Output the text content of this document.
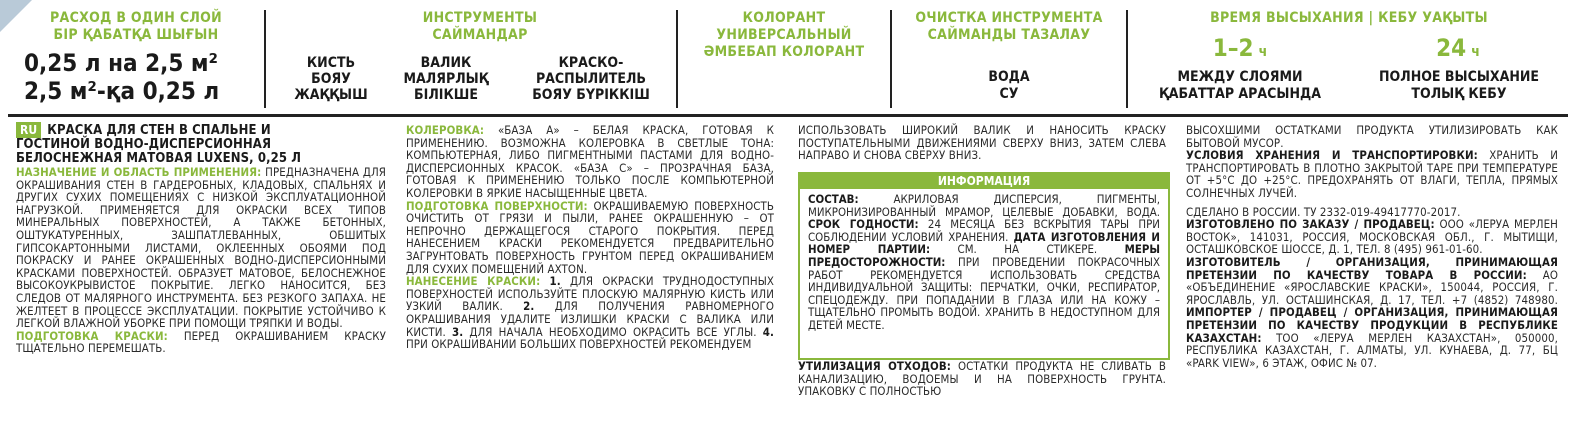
РАСХОД В ОДИН СЛОЙ
БІР ҚАБАТҚА ШЫҒЫН
0,25 л на 2,5 м²
2,5 м²-қа 0,25 л
ИНСТРУМЕНТЫ
САЙМАНДАР
КИСТЬ
БОЯУ
ЖАҚҚЫШ
ВАЛИК
МАЛЯРЛЫҚ
БІЛІКШЕ
КРАСКО-
РАСПЫЛИТЕЛЬ
БОЯУ БҮРІККІШ
КОЛОРАНТ
УНИВЕРСАЛЬНЫЙ
ӘМБЕБАП КОЛОРАНТ
ОЧИСТКА ИНСТРУМЕНТА
САЙМАНДЫ ТАЗАЛАУ
ВОДА
СУ
ВРЕМЯ ВЫСЫХАНИЯ | КЕБУ УАҚЫТЫ
1–2 ч
МЕЖДУ СЛОЯМИ
ҚАБАТТАР АРАСЫНДА
24 ч
ПОЛНОЕ ВЫСЫХАНИЕ
ТОЛЫҚ КЕБУ
RU КРАСКА ДЛЯ СТЕН В СПАЛЬНЕ И
ГОСТИНОЙ ВОДНО-ДИСПЕРСИОННАЯ
БЕЛОСНЕЖНАЯ МАТОВАЯ LUXENS, 0,25 Л

НАЗНАЧЕНИЕ И ОБЛАСТЬ ПРИМЕНЕНИЯ: ПРЕДНАЗНАЧЕНА ДЛЯ ОКРАШИВАНИЯ СТЕН В ГАРДЕРОБНЫХ, КЛАДОВЫХ, СПАЛЬНЯХ И ДРУГИХ СУХИХ ПОМЕЩЕНИЯХ С НИЗКОЙ ЭКСПЛУАТАЦИОННОЙ НАГРУЗКОЙ. ПРИМЕНЯЕТСЯ ДЛЯ ОКРАСКИ ВСЕХ ТИПОВ МИНЕРАЛЬНЫХ ПОВЕРХНОСТЕЙ, А ТАКЖЕ БЕТОННЫХ, ОШТУКАТУРЕННЫХ, ЗАШПАТЛЕВАННЫХ, ОБШИТЫХ ГИПСОКАРТОННЫМИ ЛИСТАМИ, ОКЛЕЕННЫХ ОБОЯМИ ПОД ПОКРАСКУ И РАНЕЕ ОКРАШЕННЫХ ВОДНО-ДИСПЕРСИОННЫМИ КРАСКАМИ ПОВЕРХНОСТЕЙ. ОБРАЗУЕТ МАТОВОЕ, БЕЛОСНЕЖНОЕ ВЫСОКОУКРЫВИСТОЕ ПОКРЫТИЕ. ЛЕГКО НАНОСИТСЯ, БЕЗ СЛЕДОВ ОТ МАЛЯРНОГО ИНСТРУМЕНТА. БЕЗ РЕЗКОГО ЗАПАХА. НЕ ЖЕЛТЕЕТ В ПРОЦЕССЕ ЭКСПЛУАТАЦИИ. ПОКРЫТИЕ УСТОЙЧИВО К ЛЕГКОЙ ВЛАЖНОЙ УБОРКЕ ПРИ ПОМОЩИ ТРЯПКИ И ВОДЫ.

ПОДГОТОВКА КРАСКИ: ПЕРЕД ОКРАШИВАНИЕМ КРАСКУ ТЩАТЕЛЬНО ПЕРЕМЕШАТЬ.

КОЛЕРОВКА: «БАЗА А» – БЕЛАЯ КРАСКА, ГОТОВАЯ К ПРИМЕНЕНИЮ. ВОЗМОЖНА КОЛЕРОВКА В СВЕТЛЫЕ ТОНА: КОМПЬЮТЕРНАЯ, ЛИБО ПИГМЕНТНЫМИ ПАСТАМИ ДЛЯ ВОДНО-ДИСПЕРСИОННЫХ КРАСОК. «БАЗА С» – ПРОЗРАЧНАЯ БАЗА, ГОТОВАЯ К ПРИМЕНЕНИЮ ТОЛЬКО ПОСЛЕ КОМПЬЮТЕРНОЙ КОЛЕРОВКИ В ЯРКИЕ НАСЫЩЕННЫЕ ЦВЕТА.

ПОДГОТОВКА ПОВЕРХНОСТИ: ОКРАШИВАЕМУЮ ПОВЕРХНОСТЬ ОЧИСТИТЬ ОТ ГРЯЗИ И ПЫЛИ, РАНЕЕ ОКРАШЕННУЮ – ОТ НЕПРОЧНО ДЕРЖАЩЕГОСЯ СТАРОГО ПОКРЫТИЯ. ПЕРЕД НАНЕСЕНИЕМ КРАСКИ РЕКОМЕНДУЕТСЯ ПРЕДВАРИТЕЛЬНО ЗАГРУНТОВАТЬ ПОВЕРХНОСТЬ ГРУНТОМ ПЕРЕД ОКРАШИВАНИЕМ ДЛЯ СУХИХ ПОМЕЩЕНИЙ AXTON.

НАНЕСЕНИЕ КРАСКИ: 1. ДЛЯ ОКРАСКИ ТРУДНОДОСТУПНЫХ ПОВЕРХНОСТЕЙ ИСПОЛЬЗУЙТЕ ПЛОСКУЮ МАЛЯРНУЮ КИСТЬ ИЛИ УЗКИЙ ВАЛИК. 2. ДЛЯ ПОЛУЧЕНИЯ РАВНОМЕРНОГО ОКРАШИВАНИЯ УДАЛИТЕ ИЗЛИШКИ КРАСКИ С ВАЛИКА ИЛИ КИСТИ. 3. ДЛЯ НАЧАЛА НЕОБХОДИМО ОКРАСИТЬ ВСЕ УГЛЫ. 4. ПРИ ОКРАШИВАНИИ БОЛЬШИХ ПОВЕРХНОСТЕЙ РЕКОМЕНДУЕМ

ИСПОЛЬЗОВАТЬ ШИРОКИЙ ВАЛИК И НАНОСИТЬ КРАСКУ ПОСТУПАТЕЛЬНЫМИ ДВИЖЕНИЯМИ СВЕРХУ ВНИЗ, ЗАТЕМ СЛЕВА НАПРАВО И СНОВА СВЕРХУ ВНИЗ.

ИНФОРМАЦИЯ
СОСТАВ:	АКРИЛОВАЯ ДИСПЕРСИЯ, ПИГМЕНТЫ, МИКРОНИЗИРОВАННЫЙ МРАМОР, ЦЕЛЕВЫЕ ДОБАВКИ, ВОДА. СРОК ГОДНОСТИ: 24 МЕСЯЦА БЕЗ ВСКРЫТИЯ ТАРЫ ПРИ СОБЛЮДЕНИИ УСЛОВИЙ ХРАНЕНИЯ. ДАТА ИЗГОТОВЛЕНИЯ И НОМЕР ПАРТИИ: СМ. НА СТИКЕРЕ. МЕРЫ ПРЕДОСТОРОЖНОСТИ: ПРИ ПРОВЕДЕНИИ ПОКРАСОЧНЫХ РАБОТ РЕКОМЕНДУЕТСЯ ИСПОЛЬЗОВАТЬ СРЕДСТВА ИНДИВИДУАЛЬНОЙ ЗАЩИТЫ: ПЕРЧАТКИ, ОЧКИ, РЕСПИРАТОР, СПЕЦОДЕЖДУ. ПРИ ПОПАДАНИИ В ГЛАЗА ИЛИ НА КОЖУ – ТЩАТЕЛЬНО ПРОМЫТЬ ВОДОЙ. ХРАНИТЬ В НЕДОСТУПНОМ ДЛЯ ДЕТЕЙ МЕСТЕ.

УТИЛИЗАЦИЯ ОТХОДОВ: ОСТАТКИ ПРОДУКТА НЕ СЛИВАТЬ В КАНАЛИЗАЦИЮ, ВОДОЕМЫ И НА ПОВЕРХНОСТЬ ГРУНТА. УПАКОВКУ С ПОЛНОСТЬЮ

ВЫСОХШИМИ ОСТАТКАМИ ПРОДУКТА УТИЛИЗИРОВАТЬ КАК БЫТОВОЙ МУСОР.

УСЛОВИЯ ХРАНЕНИЯ И ТРАНСПОРТИРОВКИ: ХРАНИТЬ И ТРАНСПОРТИРОВАТЬ В ПЛОТНО ЗАКРЫТОЙ ТАРЕ ПРИ ТЕМПЕРАТУРЕ ОТ +5°С ДО +25°С. ПРЕДОХРАНЯТЬ ОТ ВЛАГИ, ТЕПЛА, ПРЯМЫХ СОЛНЕЧНЫХ ЛУЧЕЙ.

СДЕЛАНО В РОССИИ. ТУ 2332-019-49417770-2017.

ИЗГОТОВЛЕНО ПО ЗАКАЗУ / ПРОДАВЕЦ: ООО «ЛЕРУА МЕРЛЕН ВОСТОК», 141031, РОССИЯ, МОСКОВСКАЯ ОБЛ., Г. МЫТИЩИ, ОСТАШКОВСКОЕ ШОССЕ, Д. 1, ТЕЛ. 8 (495) 961-01-60.

ИЗГОТОВИТЕЛЬ / ОРГАНИЗАЦИЯ, ПРИНИМАЮЩАЯ ПРЕТЕНЗИИ ПО КАЧЕСТВУ ТОВАРА В РОССИИ: АО «ОБЪЕДИНЕНИЕ «ЯРОСЛАВСКИЕ КРАСКИ», 150044, РОССИЯ, Г. ЯРОСЛАВЛЬ, УЛ. ОСТАШИНСКАЯ, Д. 17, ТЕЛ. +7 (4852) 748980. ИМПОРТЕР / ПРОДАВЕЦ / ОРГАНИЗАЦИЯ, ПРИНИМАЮЩАЯ ПРЕТЕНЗИИ ПО КАЧЕСТВУ ПРОДУКЦИИ В РЕСПУБЛИКЕ КАЗАХСТАН: ТОО «ЛЕРУА МЕРЛЕН КАЗАХСТАН», 050000, РЕСПУБЛИКА КАЗАХСТАН, Г. АЛМАТЫ, УЛ. КУНАЕВА, Д. 77, БЦ «PARK VIEW», 6 ЭТАЖ, ОФИС № 07.
